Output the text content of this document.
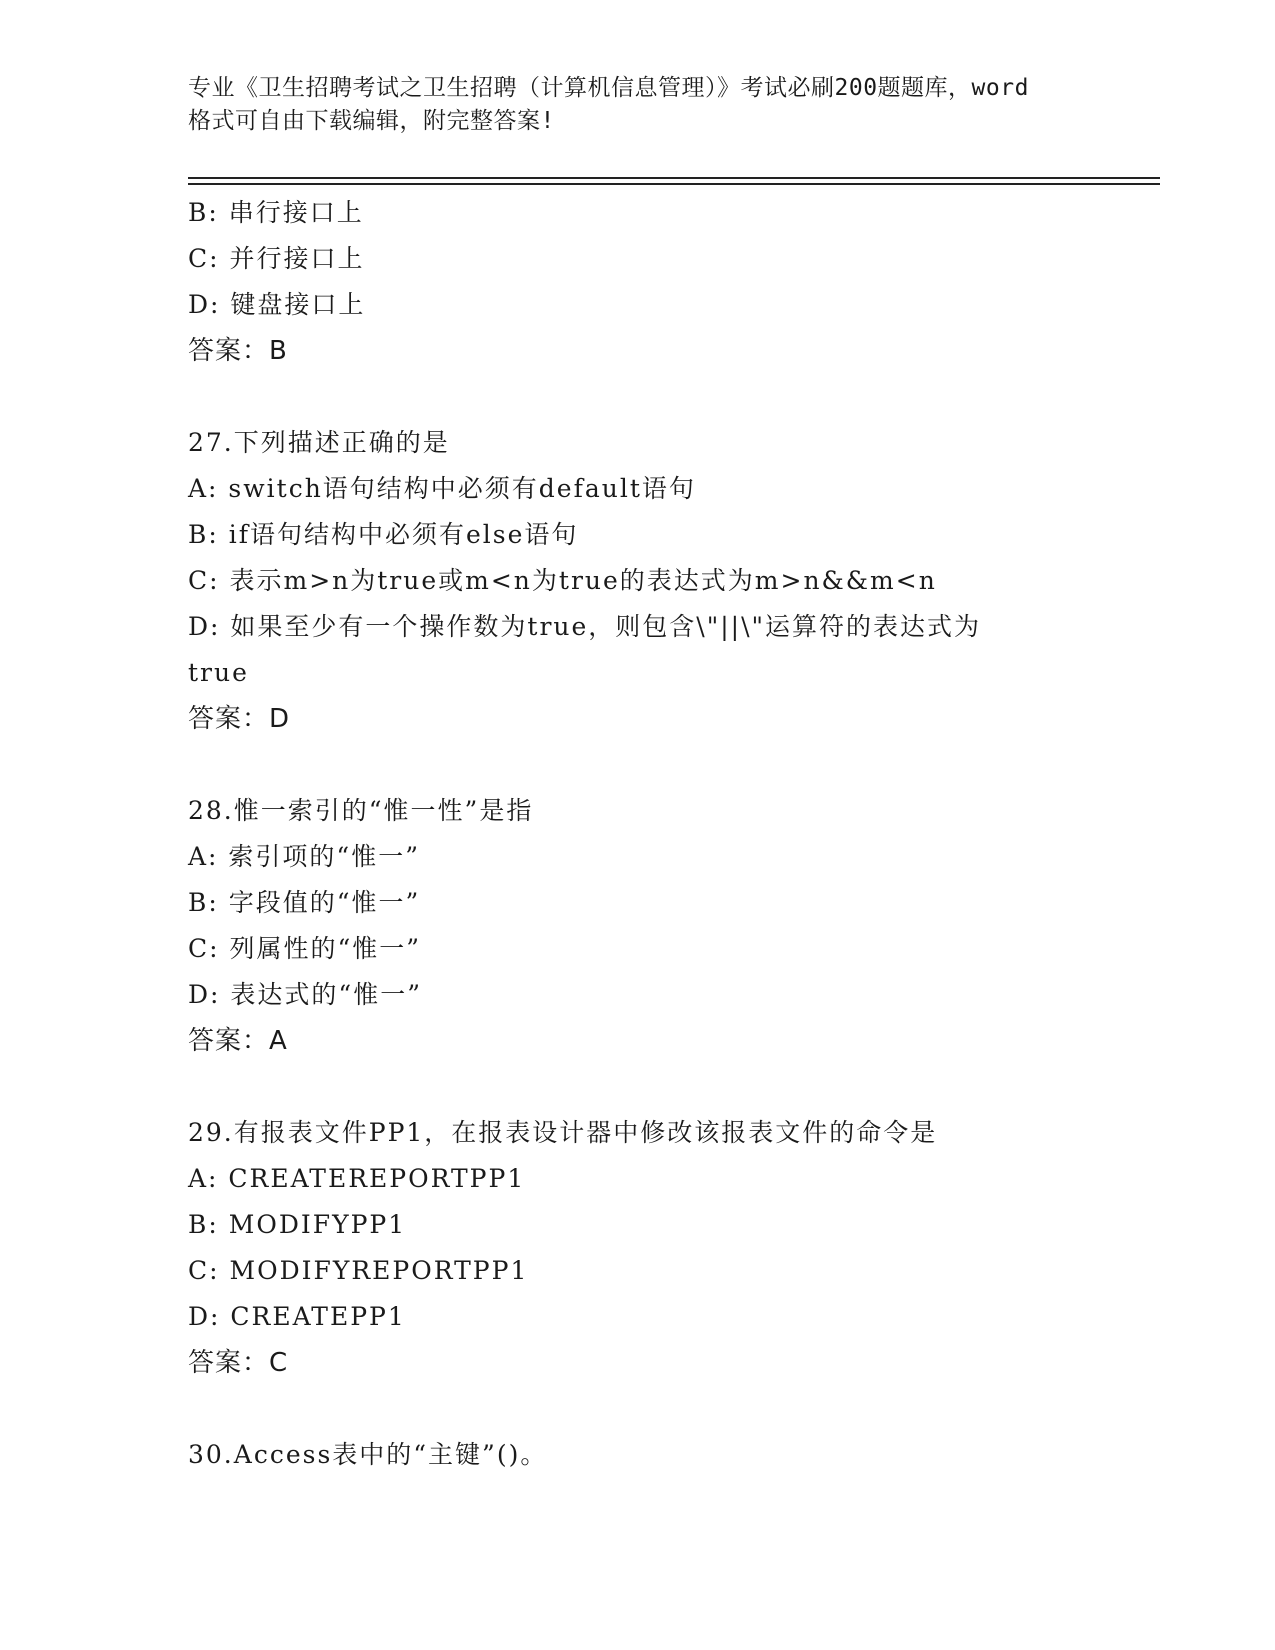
专业《卫生招聘考试之卫生招聘（计算机信息管理）》考试必刷200题题库，word
格式可自由下载编辑，附完整答案!
B: 串行接口上
C: 并行接口上
D: 键盘接口上
答案：B
27.下列描述正确的是
A: switch语句结构中必须有default语句
B: if语句结构中必须有else语句
C: 表示m>n为true或m<n为true的表达式为m>n&&m<n
D: 如果至少有一个操作数为true，则包含\"||\"运算符的表达式为
true
答案：D
28.惟一索引的“惟一性”是指
A: 索引项的“惟一”
B: 字段值的“惟一”
C: 列属性的“惟一”
D: 表达式的“惟一”
答案：A
29.有报表文件PP1，在报表设计器中修改该报表文件的命令是
A: CREATEREPORTPP1
B: MODIFYPP1
C: MODIFYREPORTPP1
D: CREATEPP1
答案：C
30.Access表中的“主键”()。
